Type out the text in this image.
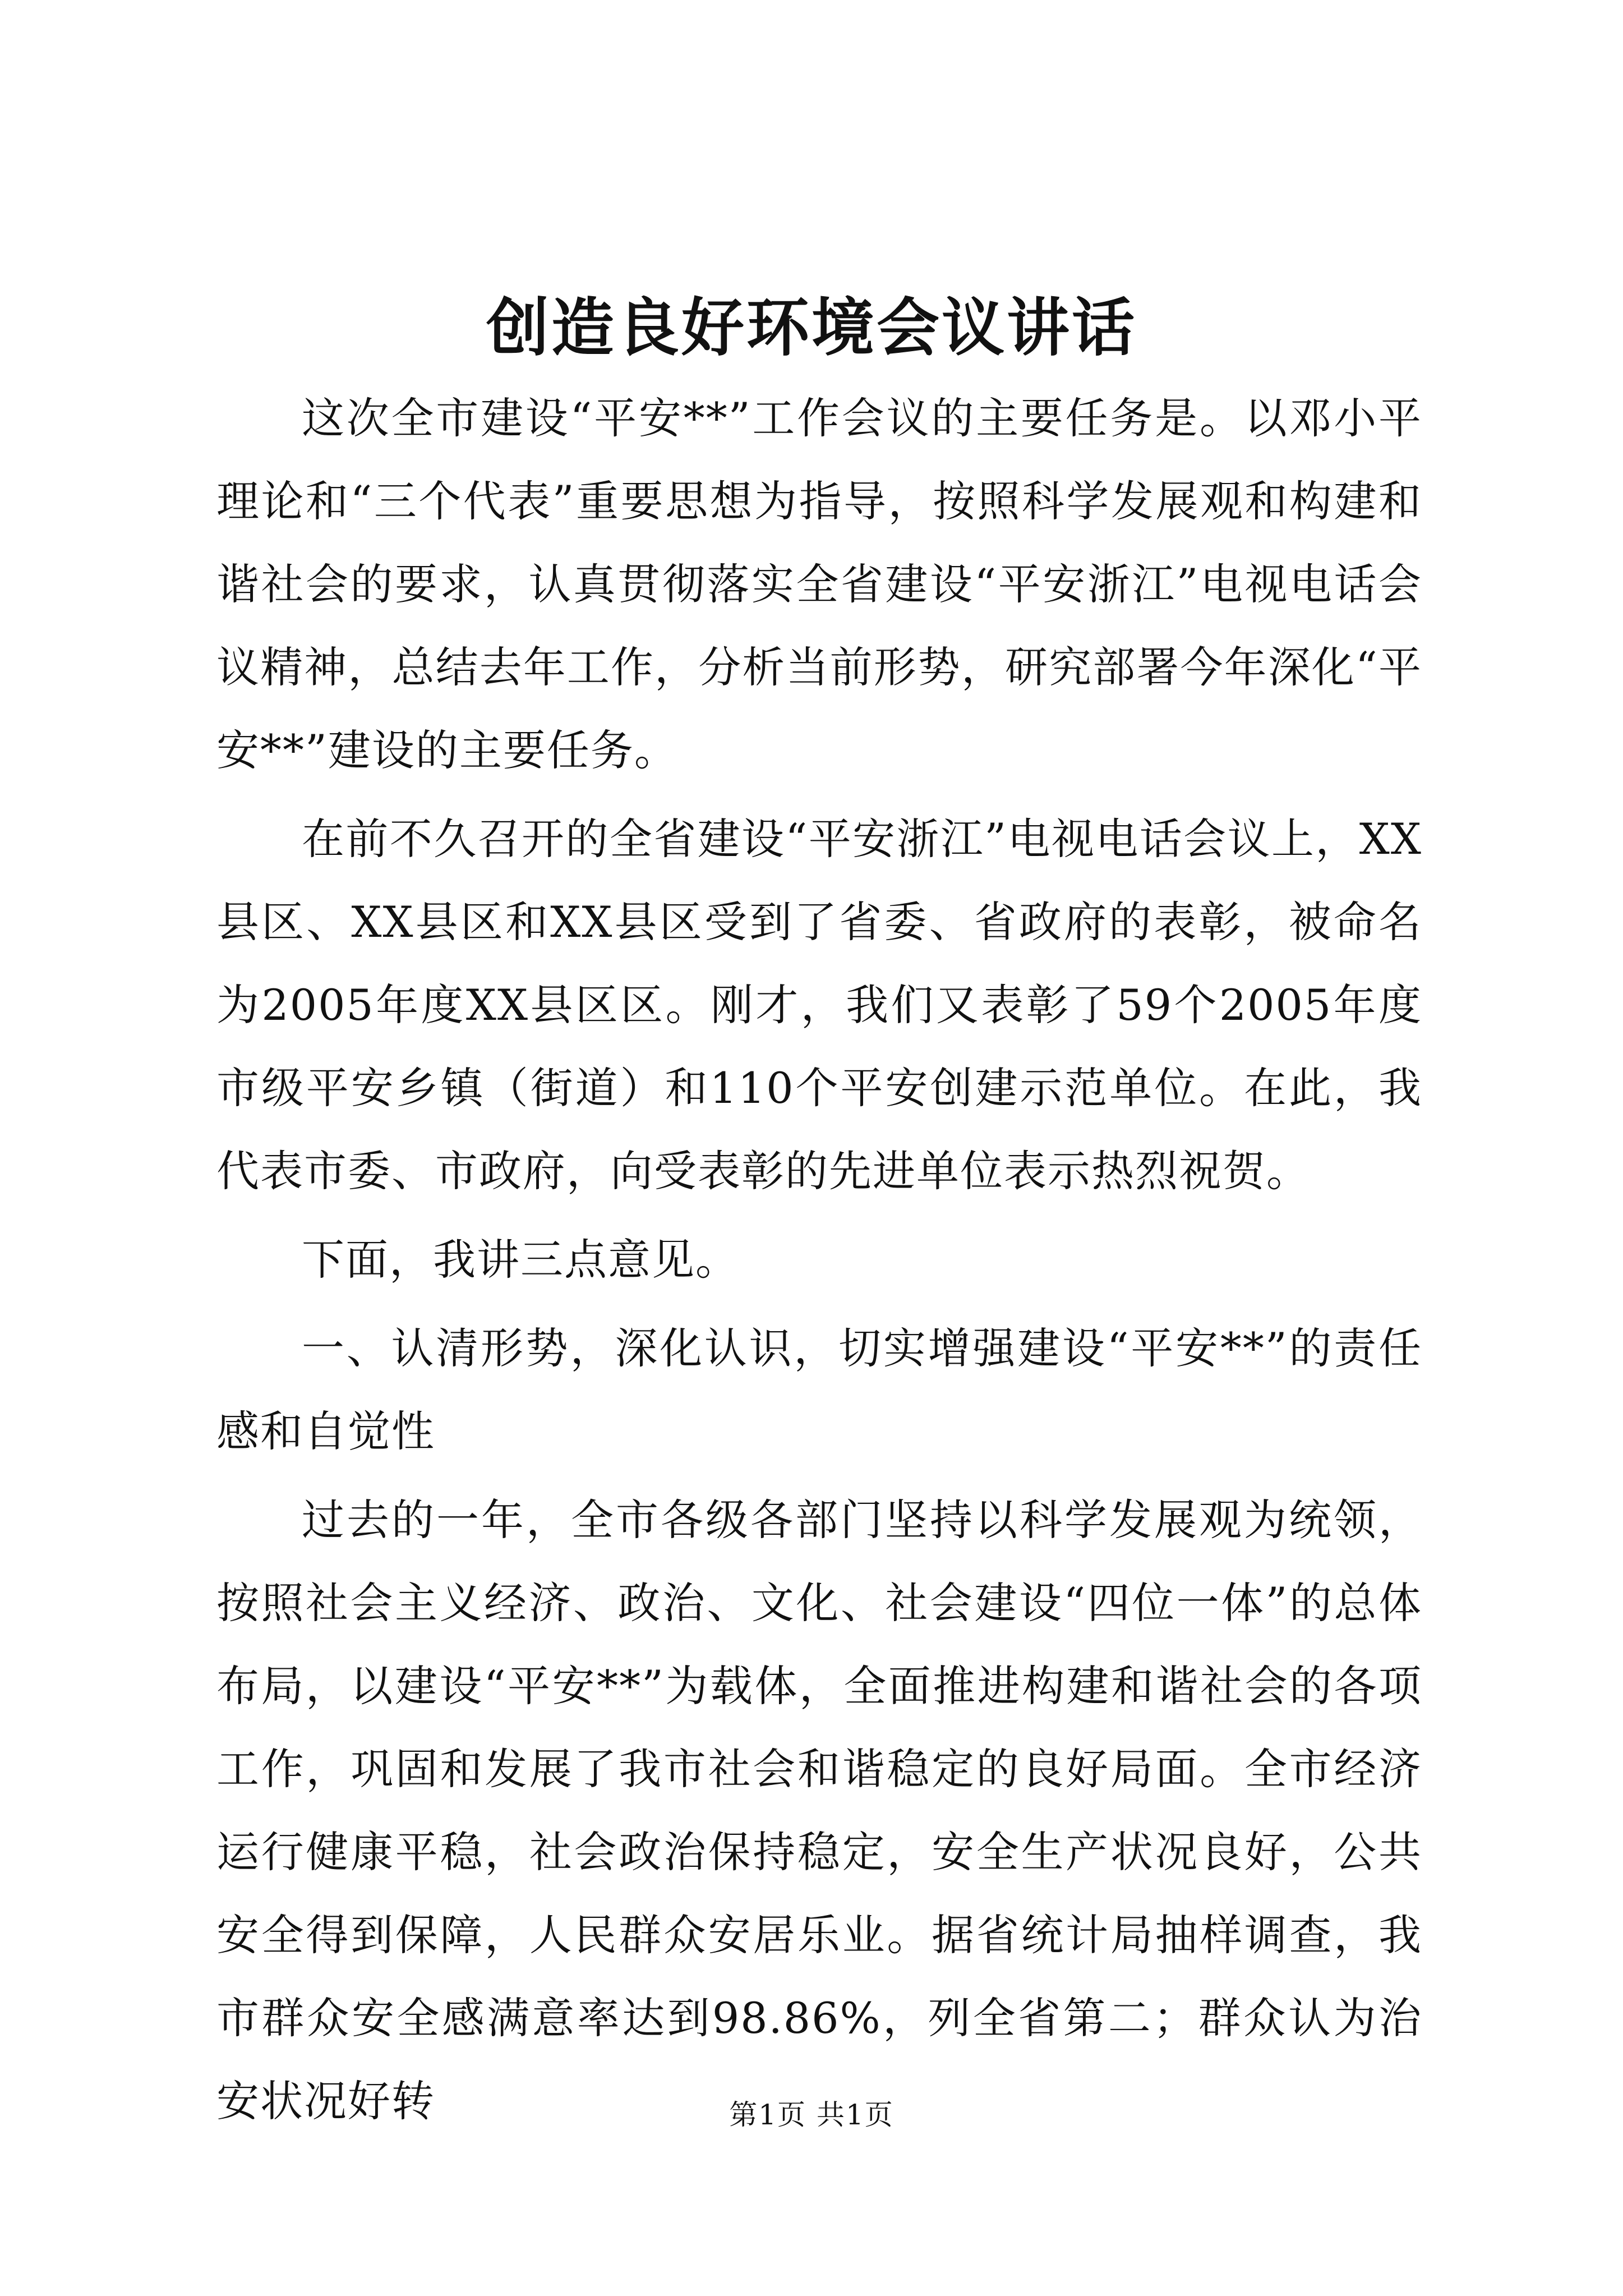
创造良好环境会议讲话

这次全市建设“平安**”工作会议的主要任务是。以邓小平理论和“三个代表”重要思想为指导，按照科学发展观和构建和谐社会的要求，认真贯彻落实全省建设“平安浙江”电视电话会议精神，总结去年工作，分析当前形势，研究部署今年深化“平安**”建设的主要任务。

在前不久召开的全省建设“平安浙江”电视电话会议上，XX县区、XX县区和XX县区受到了省委、省政府的表彰，被命名为2005年度XX县区区。刚才，我们又表彰了59个2005年度市级平安乡镇（街道）和110个平安创建示范单位。在此，我代表市委、市政府，向受表彰的先进单位表示热烈祝贺。

下面，我讲三点意见。

一、认清形势，深化认识，切实增强建设“平安**”的责任感和自觉性

过去的一年，全市各级各部门坚持以科学发展观为统领，按照社会主义经济、政治、文化、社会建设“四位一体”的总体布局，以建设“平安**”为载体，全面推进构建和谐社会的各项工作，巩固和发展了我市社会和谐稳定的良好局面。全市经济运行健康平稳，社会政治保持稳定，安全生产状况良好，公共安全得到保障，人民群众安居乐业。据省统计局抽样调查，我市群众安全感满意率达到98.86%，列全省第二；群众认为治安状况好转	第1页 共1页
